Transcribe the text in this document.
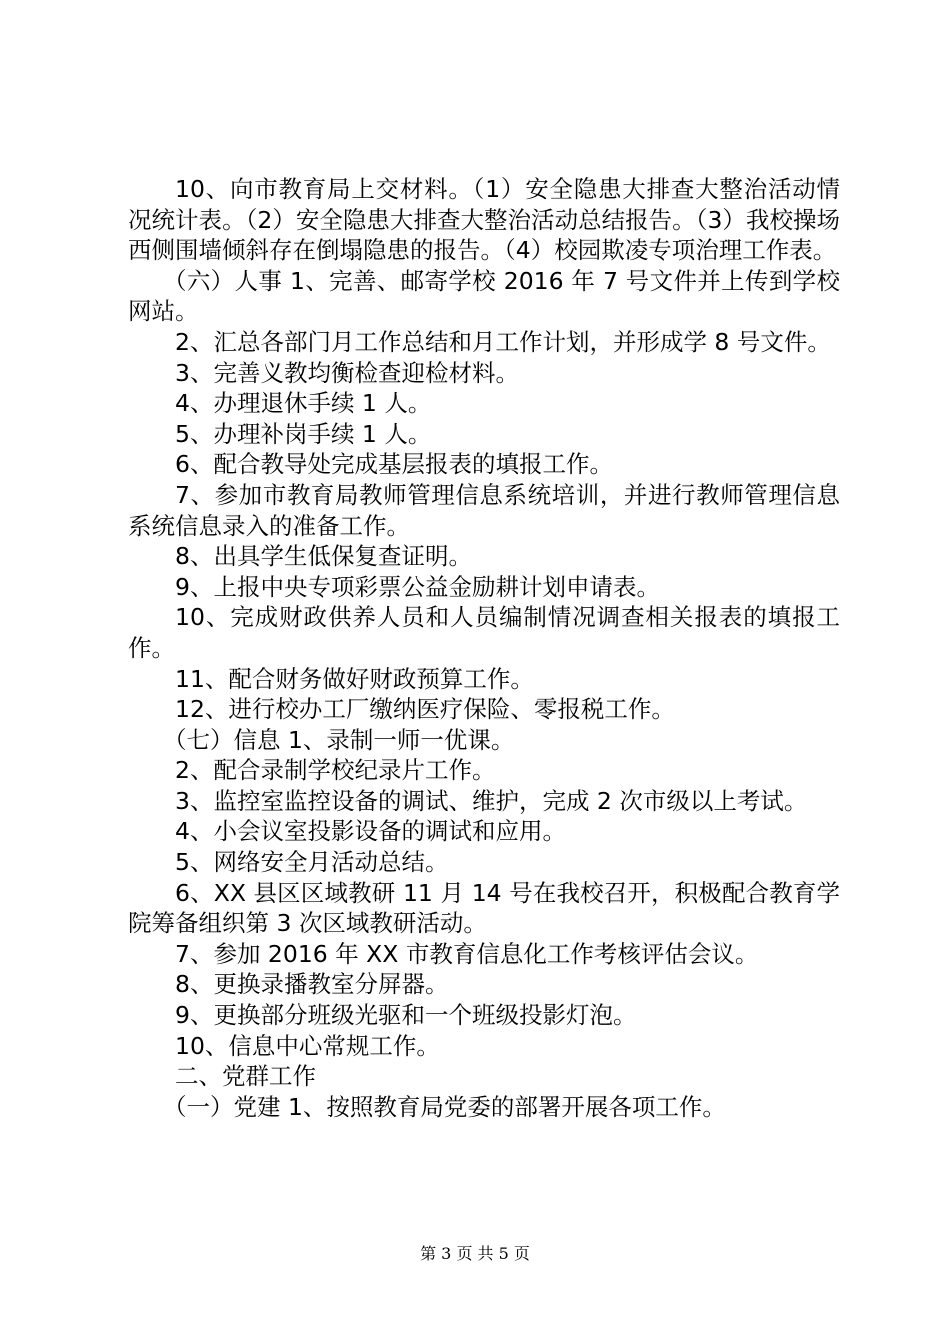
10、向市教育局上交材料。（1）安全隐患大排查大整治活动情况统计表。（2）安全隐患大排查大整治活动总结报告。（3）我校操场西侧围墙倾斜存在倒塌隐患的报告。（4）校园欺凌专项治理工作表。

（六）人事 1、完善、邮寄学校 2016 年 7 号文件并上传到学校网站。

2、汇总各部门月工作总结和月工作计划，并形成学 8 号文件。

3、完善义教均衡检查迎检材料。

4、办理退休手续 1 人。

5、办理补岗手续 1 人。

6、配合教导处完成基层报表的填报工作。

7、参加市教育局教师管理信息系统培训，并进行教师管理信息系统信息录入的准备工作。

8、出具学生低保复查证明。

9、上报中央专项彩票公益金励耕计划申请表。

10、完成财政供养人员和人员编制情况调查相关报表的填报工作。

11、配合财务做好财政预算工作。

12、进行校办工厂缴纳医疗保险、零报税工作。

（七）信息 1、录制一师一优课。

2、配合录制学校纪录片工作。

3、监控室监控设备的调试、维护，完成 2 次市级以上考试。

4、小会议室投影设备的调试和应用。

5、网络安全月活动总结。

6、XX 县区区域教研 11 月 14 号在我校召开，积极配合教育学院筹备组织第 3 次区域教研活动。

7、参加 2016 年 XX 市教育信息化工作考核评估会议。

8、更换录播教室分屏器。

9、更换部分班级光驱和一个班级投影灯泡。

10、信息中心常规工作。

二、党群工作

（一）党建 1、按照教育局党委的部署开展各项工作。

第 3 页 共 5 页
